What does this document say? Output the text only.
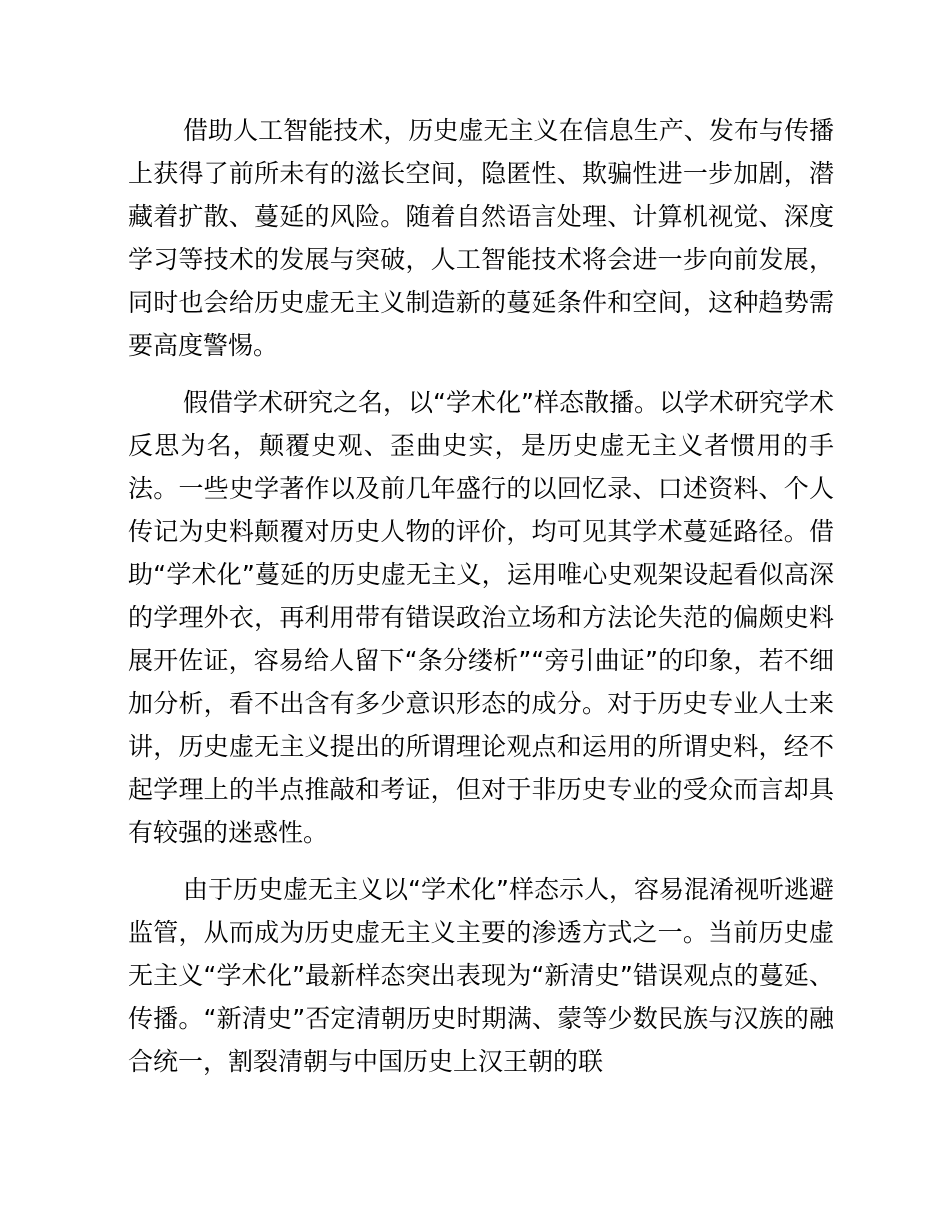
借助人工智能技术，历史虚无主义在信息生产、发布与传播上获得了前所未有的滋长空间，隐匿性、欺骗性进一步加剧，潜藏着扩散、蔓延的风险。随着自然语言处理、计算机视觉、深度学习等技术的发展与突破，人工智能技术将会进一步向前发展，同时也会给历史虚无主义制造新的蔓延条件和空间，这种趋势需要高度警惕。

假借学术研究之名，以“学术化”样态散播。以学术研究学术反思为名，颠覆史观、歪曲史实，是历史虚无主义者惯用的手法。一些史学著作以及前几年盛行的以回忆录、口述资料、个人传记为史料颠覆对历史人物的评价，均可见其学术蔓延路径。借助“学术化”蔓延的历史虚无主义，运用唯心史观架设起看似高深的学理外衣，再利用带有错误政治立场和方法论失范的偏颇史料展开佐证，容易给人留下“条分缕析”“旁引曲证”的印象，若不细加分析，看不出含有多少意识形态的成分。对于历史专业人士来讲，历史虚无主义提出的所谓理论观点和运用的所谓史料，经不起学理上的半点推敲和考证，但对于非历史专业的受众而言却具有较强的迷惑性。

由于历史虚无主义以“学术化”样态示人，容易混淆视听逃避监管，从而成为历史虚无主义主要的渗透方式之一。当前历史虚无主义“学术化”最新样态突出表现为“新清史”错误观点的蔓延、传播。“新清史”否定清朝历史时期满、蒙等少数民族与汉族的融合统一，割裂清朝与中国历史上汉王朝的联
